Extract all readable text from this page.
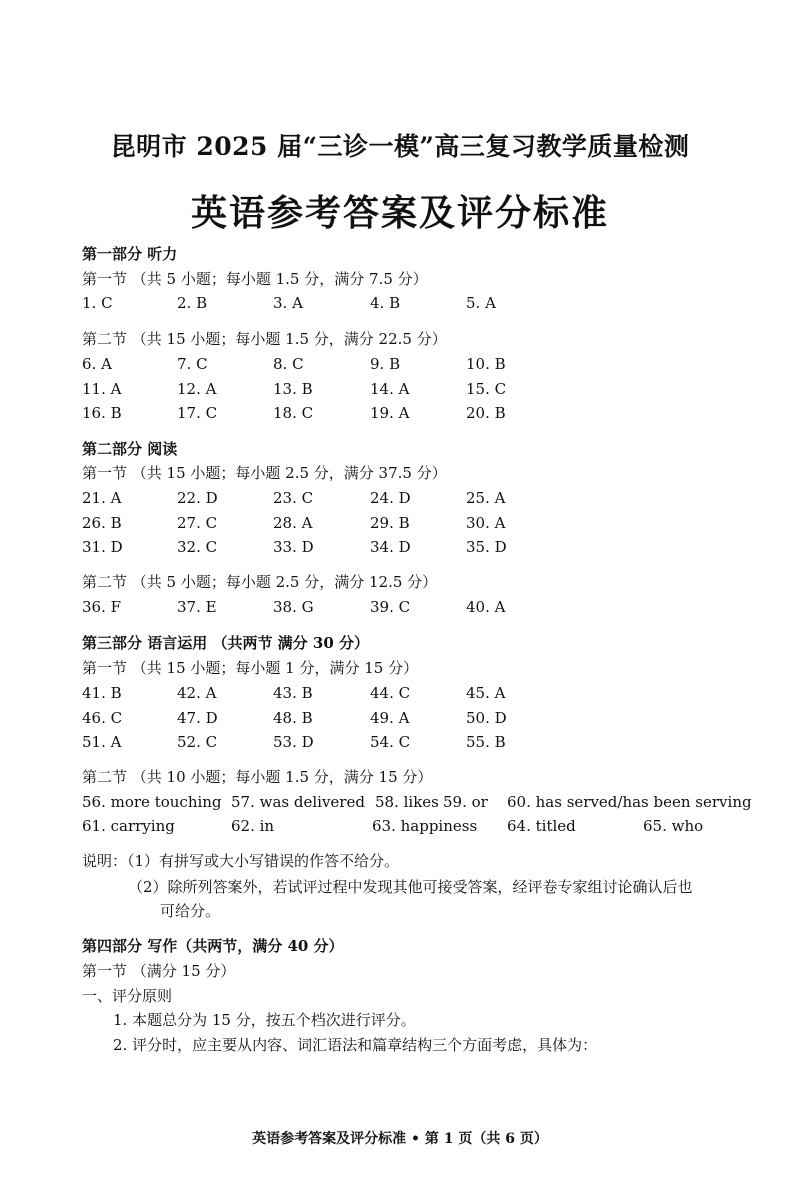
昆明市 2025 届“三诊一模”高三复习教学质量检测
英语参考答案及评分标准
第一部分 听力
第一节 （共 5 小题；每小题 1.5 分，满分 7.5 分）
1. C	2. B	3. A	4. B	5. A
第二节 （共 15 小题；每小题 1.5 分，满分 22.5 分）
6. A	7. C	8. C	9. B	10. B
11. A	12. A	13. B	14. A	15. C
16. B	17. C	18. C	19. A	20. B
第二部分 阅读
第一节 （共 15 小题；每小题 2.5 分，满分 37.5 分）
21. A	22. D	23. C	24. D	25. A
26. B	27. C	28. A	29. B	30. A
31. D	32. C	33. D	34. D	35. D
第二节 （共 5 小题；每小题 2.5 分，满分 12.5 分）
36. F	37. E	38. G	39. C	40. A
第三部分 语言运用 （共两节 满分 30 分）
第一节 （共 15 小题；每小题 1 分，满分 15 分）
41. B	42. A	43. B	44. C	45. A
46. C	47. D	48. B	49. A	50. D
51. A	52. C	53. D	54. C	55. B
第二节 （共 10 小题；每小题 1.5 分，满分 15 分）
56. more touching 57. was delivered 58. likes 59. or 60. has served/has been serving
61. carrying	62. in	63. happiness 64. titled	65. who
说明：（1）有拼写或大小写错误的作答不给分。
（2）除所列答案外，若试评过程中发现其他可接受答案，经评卷专家组讨论确认后也
可给分。
第四部分 写作（共两节，满分 40 分）
第一节 （满分 15 分）
一、评分原则
1. 本题总分为 15 分，按五个档次进行评分。
2. 评分时，应主要从内容、词汇语法和篇章结构三个方面考虑，具体为：
英语参考答案及评分标准 • 第 1 页（共 6 页）
